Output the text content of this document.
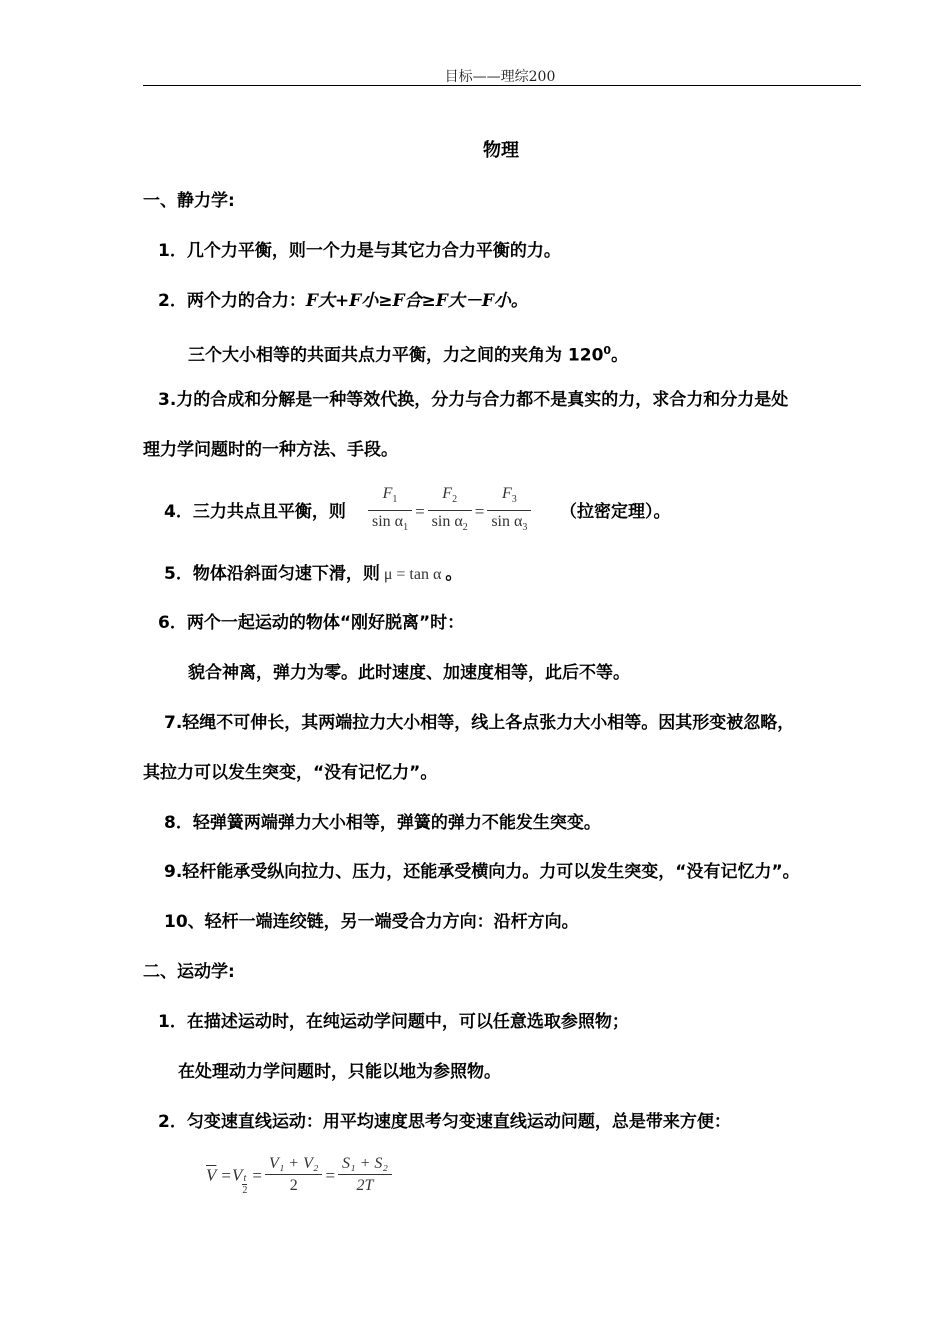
目标——理综200
物理
一、静力学:
1．几个力平衡，则一个力是与其它力合力平衡的力。
2．两个力的合力：F大+F小≥F合≥F大－F小。
三个大小相等的共面共点力平衡，力之间的夹角为 $120^0$。
3.力的合成和分解是一种等效代换，分力与合力都不是真实的力，求合力和分力是处
理力学问题时的一种方法、手段。
4．三力共点且平衡，则 $\frac{F_1}{\sin \alpha_1} = \frac{F_2}{\sin \alpha_2} = \frac{F_3}{\sin \alpha_3}$ （拉密定理）。
5．物体沿斜面匀速下滑，则 μ = tan α 。
6．两个一起运动的物体“刚好脱离”时：
貌合神离，弹力为零。此时速度、加速度相等，此后不等。
7.轻绳不可伸长，其两端拉力大小相等，线上各点张力大小相等。因其形变被忽略，
其拉力可以发生突变，“没有记忆力”。
8．轻弹簧两端弹力大小相等，弹簧的弹力不能发生突变。
9.轻杆能承受纵向拉力、压力，还能承受横向力。力可以发生突变，“没有记忆力”。
10、轻杆一端连绞链，另一端受合力方向：沿杆方向。
二、运动学:
1．在描述运动时，在纯运动学问题中，可以任意选取参照物；
在处理动力学问题时，只能以地为参照物。
2．匀变速直线运动：用平均速度思考匀变速直线运动问题，总是带来方便：
$\overline{V} =V \frac{t}{2} = \frac{\text{V₁ + V₂}}{2} = \frac{\text{S₁ + S₂}}{2T}$
